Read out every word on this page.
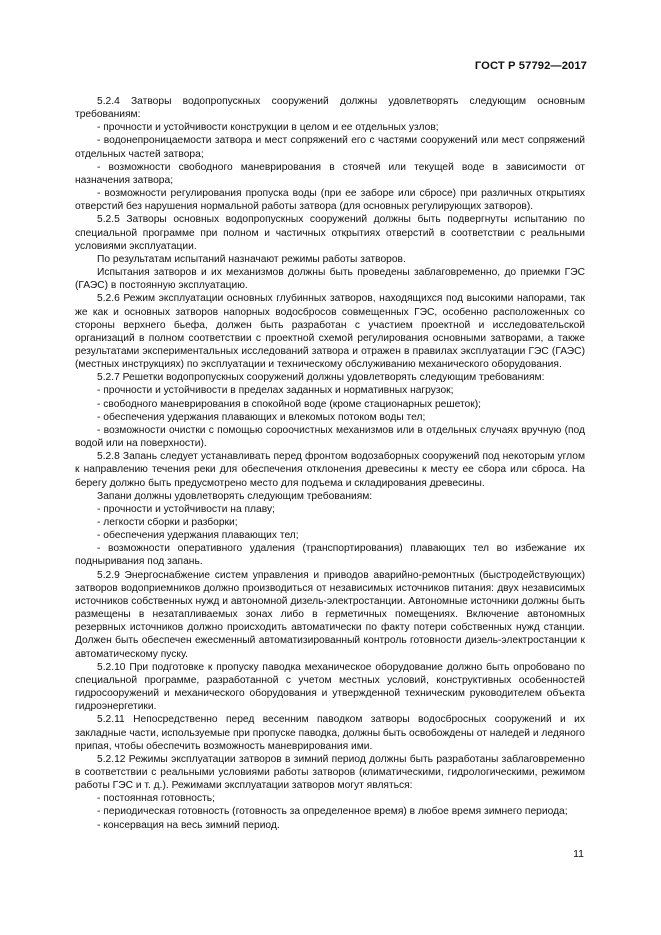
ГОСТ Р 57792—2017

5.2.4 Затворы водопропускных сооружений должны удовлетворять следующим основным требованиям:

- прочности и устойчивости конструкции в целом и ее отдельных узлов;

- водонепроницаемости затвора и мест сопряжений его с частями сооружений или мест сопряжений отдельных частей затвора;

- возможности свободного маневрирования в стоячей или текущей воде в зависимости от назначения затвора;

- возможности регулирования пропуска воды (при ее заборе или сбросе) при различных открытиях отверстий без нарушения нормальной работы затвора (для основных регулирующих затворов).

5.2.5 Затворы основных водопропускных сооружений должны быть подвергнуты испытанию по специальной программе при полном и частичных открытиях отверстий в соответствии с реальными условиями эксплуатации.

По результатам испытаний назначают режимы работы затворов.

Испытания затворов и их механизмов должны быть проведены заблаговременно, до приемки ГЭС (ГАЭС) в постоянную эксплуатацию.

5.2.6 Режим эксплуатации основных глубинных затворов, находящихся под высокими напорами, так же как и основных затворов напорных водосбросов совмещенных ГЭС, особенно расположенных со стороны верхнего бьефа, должен быть разработан с участием проектной и исследовательской организаций в полном соответствии с проектной схемой регулирования основными затворами, а также результатами экспериментальных исследований затвора и отражен в правилах эксплуатации ГЭС (ГАЭС) (местных инструкциях) по эксплуатации и техническому обслуживанию механического оборудования.

5.2.7 Решетки водопропускных сооружений должны удовлетворять следующим требованиям:

- прочности и устойчивости в пределах заданных и нормативных нагрузок;

- свободного маневрирования в спокойной воде (кроме стационарных решеток);

- обеспечения удержания плавающих и влекомых потоком воды тел;

- возможности очистки с помощью сороочистных механизмов или в отдельных случаях вручную (под водой или на поверхности).

5.2.8 Запань следует устанавливать перед фронтом водозаборных сооружений под некоторым углом к направлению течения реки для обеспечения отклонения древесины к месту ее сбора или сброса. На берегу должно быть предусмотрено место для подъема и складирования древесины.

Запани должны удовлетворять следующим требованиям:

- прочности и устойчивости на плаву;

- легкости сборки и разборки;

- обеспечения удержания плавающих тел;

- возможности оперативного удаления (транспортирования) плавающих тел во избежание их подныривания под запань.

5.2.9 Энергоснабжение систем управления и приводов аварийно-ремонтных (быстродействующих) затворов водоприемников должно производиться от независимых источников питания: двух независимых источников собственных нужд и автономной дизель-электростанции. Автономные источники должны быть размещены в незатапливаемых зонах либо в герметичных помещениях. Включение автономных резервных источников должно происходить автоматически по факту потери собственных нужд станции. Должен быть обеспечен ежесменный автоматизированный контроль готовности дизель-электростанции к автоматическому пуску.

5.2.10 При подготовке к пропуску паводка механическое оборудование должно быть опробовано по специальной программе, разработанной с учетом местных условий, конструктивных особенностей гидросооружений и механического оборудования и утвержденной техническим руководителем объекта гидроэнергетики.

5.2.11 Непосредственно перед весенним паводком затворы водосбросных сооружений и их закладные части, используемые при пропуске паводка, должны быть освобождены от наледей и ледяного припая, чтобы обеспечить возможность маневрирования ими.

5.2.12 Режимы эксплуатации затворов в зимний период должны быть разработаны заблаговременно в соответствии с реальными условиями работы затворов (климатическими, гидрологическими, режимом работы ГЭС и т. д.). Режимами эксплуатации затворов могут являться:

- постоянная готовность;

- периодическая готовность (готовность за определенное время) в любое время зимнего периода;

- консервация на весь зимний период.

11
